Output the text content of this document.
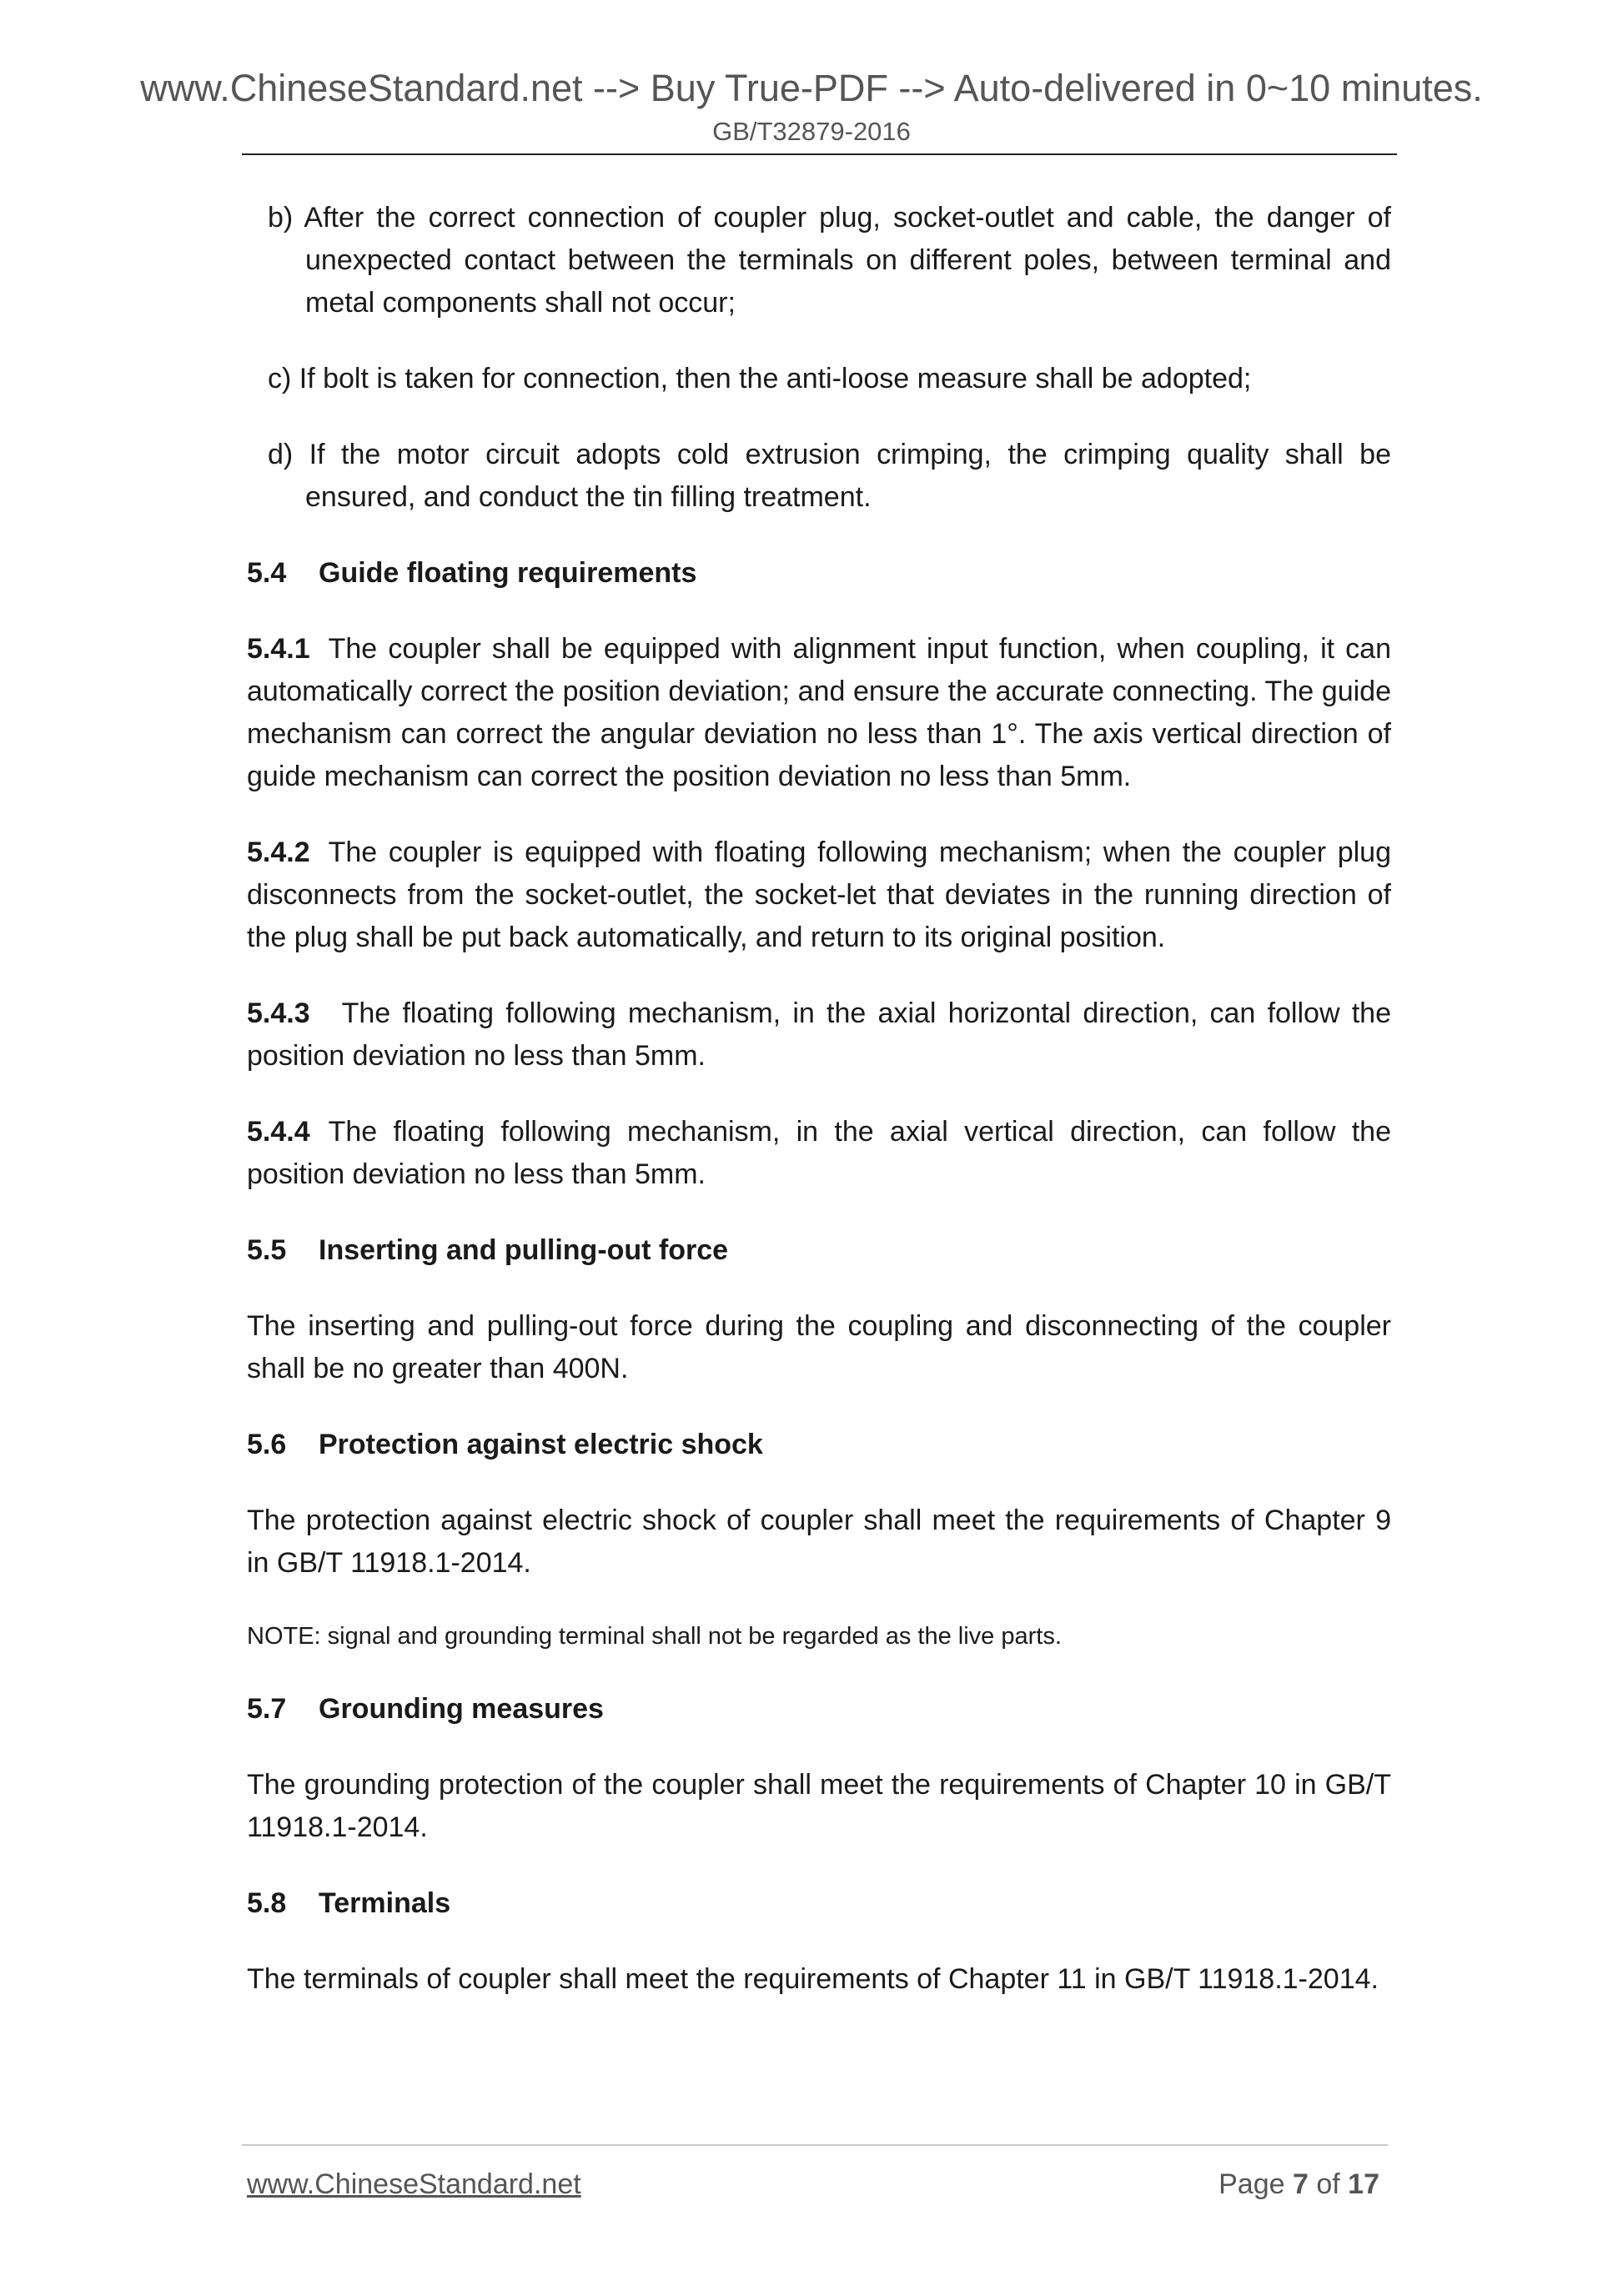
www.ChineseStandard.net --> Buy True-PDF --> Auto-delivered in 0~10 minutes.
GB/T32879-2016

b) After the correct connection of coupler plug, socket-outlet and cable, the danger of unexpected contact between the terminals on different poles, between terminal and metal components shall not occur;

c) If bolt is taken for connection, then the anti-loose measure shall be adopted;

d) If the motor circuit adopts cold extrusion crimping, the crimping quality shall be ensured, and conduct the tin filling treatment.

5.4 Guide floating requirements

5.4.1 The coupler shall be equipped with alignment input function, when coupling, it can automatically correct the position deviation; and ensure the accurate connecting. The guide mechanism can correct the angular deviation no less than 1°. The axis vertical direction of guide mechanism can correct the position deviation no less than 5mm.

5.4.2 The coupler is equipped with floating following mechanism; when the coupler plug disconnects from the socket-outlet, the socket-let that deviates in the running direction of the plug shall be put back automatically, and return to its original position.

5.4.3 The floating following mechanism, in the axial horizontal direction, can follow the position deviation no less than 5mm.

5.4.4 The floating following mechanism, in the axial vertical direction, can follow the position deviation no less than 5mm.

5.5 Inserting and pulling-out force

The inserting and pulling-out force during the coupling and disconnecting of the coupler shall be no greater than 400N.

5.6 Protection against electric shock

The protection against electric shock of coupler shall meet the requirements of Chapter 9 in GB/T 11918.1-2014.

NOTE: signal and grounding terminal shall not be regarded as the live parts.

5.7 Grounding measures

The grounding protection of the coupler shall meet the requirements of Chapter 10 in GB/T 11918.1-2014.

5.8 Terminals

The terminals of coupler shall meet the requirements of Chapter 11 in GB/T 11918.1-2014.

www.ChineseStandard.net	Page 7 of 17
